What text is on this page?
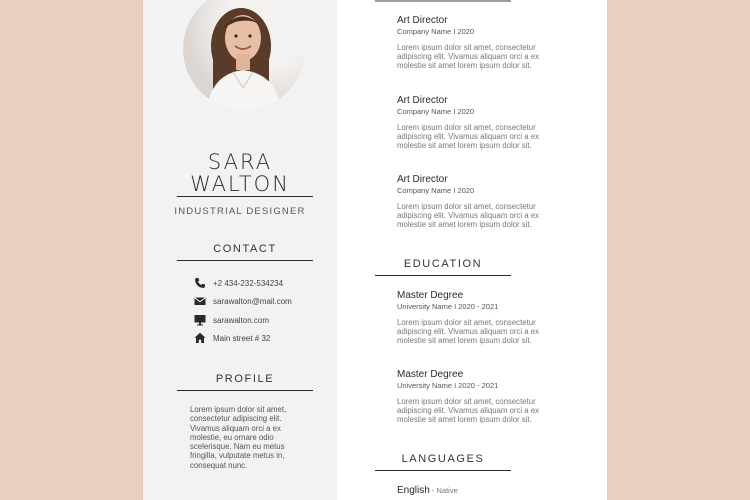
SARA
WALTON
INDUSTRIAL DESIGNER
CONTACT
+2 434-232-534234
sarawalton@mail.com
sarawalton.com
Main street # 32
PROFILE
Lorem ipsum dolor sit amet, consectetur adipiscing elit. Vivamus aliquam orci a ex molestie, eu ornare odio scelerisque. Nam eu metus fringilla, vulputate metus in, consequat nunc.
Art Director
Company Name I 2020
Lorem ipsum dolor sit amet, consectetur adipiscing elit. Vivamus aliquam orci a ex molestie sit amet lorem ipsum dolor sit.
Art Director
Company Name I 2020
Lorem ipsum dolor sit amet, consectetur adipiscing elit. Vivamus aliquam orci a ex molestie sit amet lorem ipsum dolor sit.
Art Director
Company Name I 2020
Lorem ipsum dolor sit amet, consectetur adipiscing elit. Vivamus aliquam orci a ex molestie sit amet lorem ipsum dolor sit.
EDUCATION
Master Degree
University Name I 2020 - 2021
Lorem ipsum dolor sit amet, consectetur adipiscing elit. Vivamus aliquam orci a ex molestie sit amet lorem ipsum dolor sit.
Master Degree
University Name I 2020 - 2021
Lorem ipsum dolor sit amet, consectetur adipiscing elit. Vivamus aliquam orci a ex molestie sit amet lorem ipsum dolor sit.
LANGUAGES
English - Native
